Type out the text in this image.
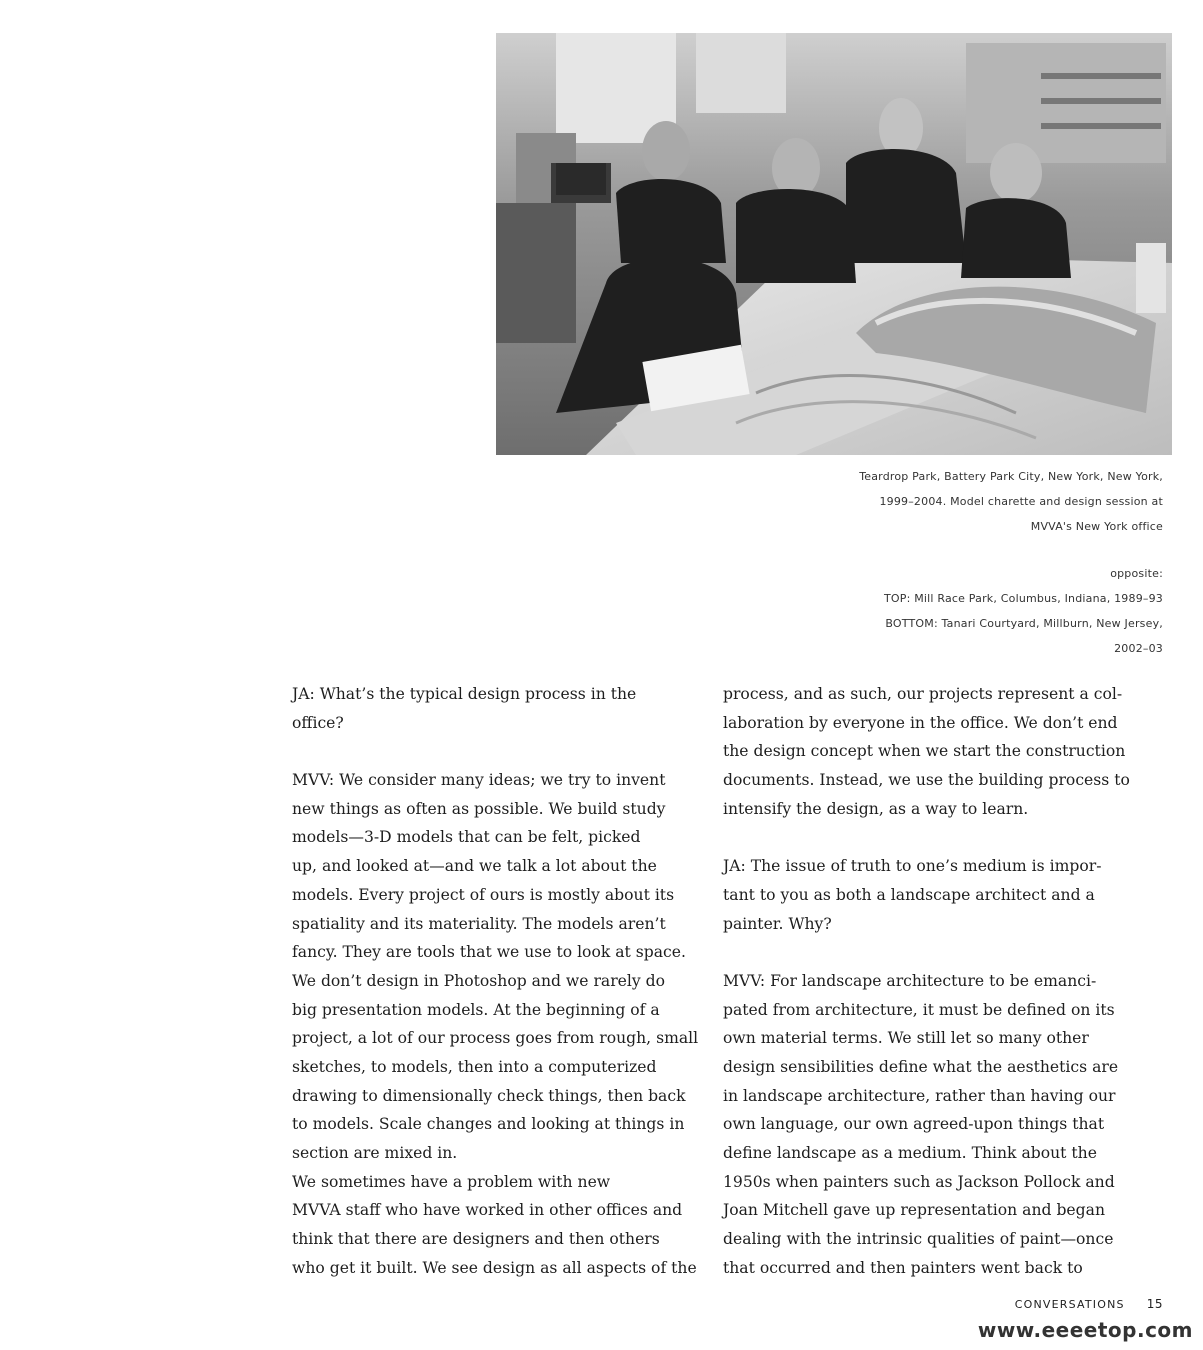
Teardrop Park, Battery Park City, New York, New York,
1999–2004. Model charette and design session at
MVVA's New York office
opposite:
TOP: Mill Race Park, Columbus, Indiana, 1989–93
BOTTOM: Tanari Courtyard, Millburn, New Jersey,
2002–03
JA: What’s the typical design process in the
office?
MVV: We consider many ideas; we try to invent
new things as often as possible. We build study
models—3-D models that can be felt, picked
up, and looked at—and we talk a lot about the
models. Every project of ours is mostly about its
spatiality and its materiality. The models aren’t
fancy. They are tools that we use to look at space.
We don’t design in Photoshop and we rarely do
big presentation models. At the beginning of a
project, a lot of our process goes from rough, small
sketches, to models, then into a computerized
drawing to dimensionally check things, then back
to models. Scale changes and looking at things in
section are mixed in.
We sometimes have a problem with new
MVVA staff who have worked in other offices and
think that there are designers and then others
who get it built. We see design as all aspects of the
process, and as such, our projects represent a col-
laboration by everyone in the office. We don’t end
the design concept when we start the construction
documents. Instead, we use the building process to
intensify the design, as a way to learn.
JA: The issue of truth to one’s medium is impor-
tant to you as both a landscape architect and a
painter. Why?
MVV: For landscape architecture to be emanci-
pated from architecture, it must be defined on its
own material terms. We still let so many other
design sensibilities define what the aesthetics are
in landscape architecture, rather than having our
own language, our own agreed-upon things that
define landscape as a medium. Think about the
1950s when painters such as Jackson Pollock and
Joan Mitchell gave up representation and began
dealing with the intrinsic qualities of paint—once
that occurred and then painters went back to
CONVERSATIONS 15
www.eeeetop.com
